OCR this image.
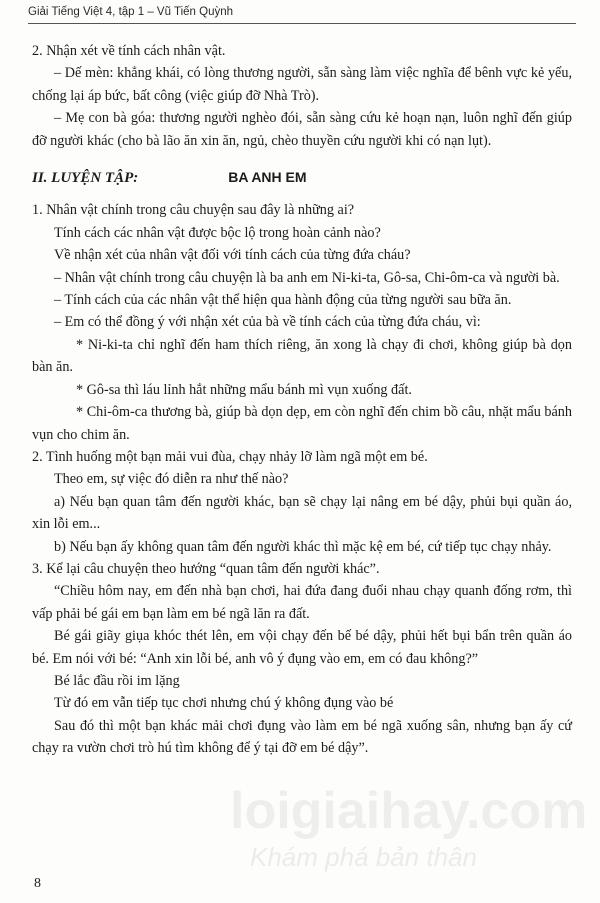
Giải Tiếng Việt 4, tập 1 – Vũ Tiến Quỳnh

2. Nhận xét về tính cách nhân vật.

– Dế mèn: khẳng khái, có lòng thương người, sẵn sàng làm việc nghĩa để bênh vực kẻ yếu, chống lại áp bức, bất công (việc giúp đỡ Nhà Trò).

– Mẹ con bà góa: thương người nghèo đói, sẵn sàng cứu kẻ hoạn nạn, luôn nghĩ đến giúp đỡ người khác (cho bà lão ăn xin ăn, ngủ, chèo thuyền cứu người khi có nạn lụt).

II. LUYỆN TẬP:	BA ANH EM

1. Nhân vật chính trong câu chuyện sau đây là những ai?

Tính cách các nhân vật được bộc lộ trong hoàn cảnh nào?

Về nhận xét của nhân vật đối với tính cách của từng đứa cháu?

– Nhân vật chính trong câu chuyện là ba anh em Ni-ki-ta, Gô-sa, Chi-ôm-ca và người bà.

– Tính cách của các nhân vật thể hiện qua hành động của từng người sau bữa ăn.

– Em có thể đồng ý với nhận xét của bà về tính cách của từng đứa cháu, vì:

* Ni-ki-ta chỉ nghĩ đến ham thích riêng, ăn xong là chạy đi chơi, không giúp bà dọn bàn ăn.

* Gô-sa thì láu lỉnh hắt những mẩu bánh mì vụn xuống đất.

* Chi-ôm-ca thương bà, giúp bà dọn dẹp, em còn nghĩ đến chim bồ câu, nhặt mẩu bánh vụn cho chim ăn.

2. Tình huống một bạn mải vui đùa, chạy nhảy lỡ làm ngã một em bé.

Theo em, sự việc đó diễn ra như thế nào?

a) Nếu bạn quan tâm đến người khác, bạn sẽ chạy lại nâng em bé dậy, phủi bụi quần áo, xin lỗi em...

b) Nếu bạn ấy không quan tâm đến người khác thì mặc kệ em bé, cứ tiếp tục chạy nhảy.

3. Kể lại câu chuyện theo hướng “quan tâm đến người khác”.

“Chiều hôm nay, em đến nhà bạn chơi, hai đứa đang đuổi nhau chạy quanh đống rơm, thì vấp phải bé gái em bạn làm em bé ngã lăn ra đất.

Bé gái giãy giụa khóc thét lên, em vội chạy đến bế bé dậy, phủi hết bụi bẩn trên quần áo bé. Em nói với bé: “Anh xin lỗi bé, anh vô ý đụng vào em, em có đau không?”

Bé lắc đầu rồi im lặng

Từ đó em vẫn tiếp tục chơi nhưng chú ý không đụng vào bé

Sau đó thì một bạn khác mải chơi đụng vào làm em bé ngã xuống sân, nhưng bạn ấy cứ chạy ra vườn chơi trò hú tìm không để ý tại đỡ em bé dậy”.

loigiaihay.com
Khám phá bản thân
8
